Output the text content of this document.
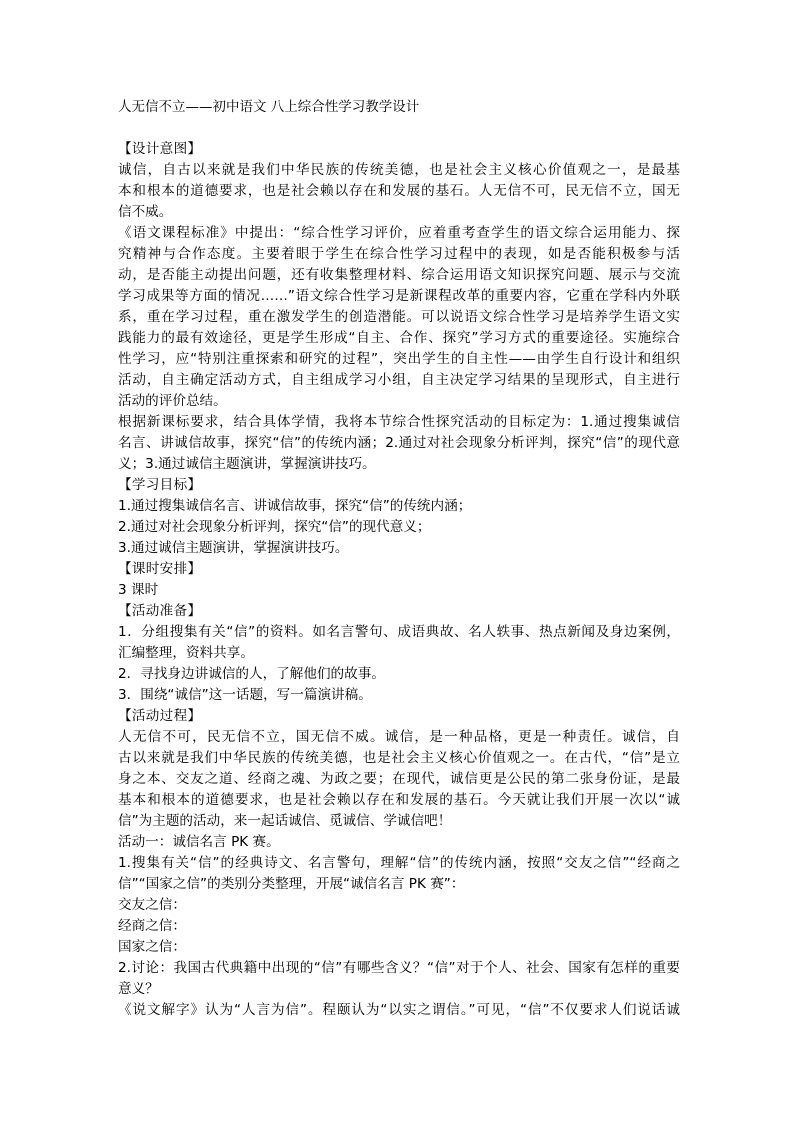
人无信不立——初中语文 八上综合性学习教学设计
【设计意图】
诚信，自古以来就是我们中华民族的传统美德，也是社会主义核心价值观之一，是最基
本和根本的道德要求，也是社会赖以存在和发展的基石。人无信不可，民无信不立，国无
信不威。
《语文课程标准》中提出：“综合性学习评价，应着重考查学生的语文综合运用能力、探
究精神与合作态度。主要着眼于学生在综合性学习过程中的表现，如是否能积极参与活
动，是否能主动提出问题，还有收集整理材料、综合运用语文知识探究问题、展示与交流
学习成果等方面的情况……”语文综合性学习是新课程改革的重要内容，它重在学科内外联
系，重在学习过程，重在激发学生的创造潜能。可以说语文综合性学习是培养学生语文实
践能力的最有效途径，更是学生形成“自主、合作、探究”学习方式的重要途径。实施综合
性学习，应“特别注重探索和研究的过程”，突出学生的自主性——由学生自行设计和组织
活动，自主确定活动方式，自主组成学习小组，自主决定学习结果的呈现形式，自主进行
活动的评价总结。
根据新课标要求，结合具体学情，我将本节综合性探究活动的目标定为：1.通过搜集诚信
名言、讲诚信故事，探究“信”的传统内涵；2.通过对社会现象分析评判，探究“信”的现代意
义；3.通过诚信主题演讲，掌握演讲技巧。
【学习目标】
1.通过搜集诚信名言、讲诚信故事，探究“信”的传统内涵；
2.通过对社会现象分析评判，探究“信”的现代意义；
3.通过诚信主题演讲，掌握演讲技巧。
【课时安排】
3 课时
【活动准备】
1．分组搜集有关“信”的资料。如名言警句、成语典故、名人轶事、热点新闻及身边案例，
汇编整理，资料共享。
2．寻找身边讲诚信的人，了解他们的故事。
3．围绕“诚信”这一话题，写一篇演讲稿。
【活动过程】
人无信不可，民无信不立，国无信不威。诚信，是一种品格，更是一种责任。诚信，自
古以来就是我们中华民族的传统美德，也是社会主义核心价值观之一。在古代，“信”是立
身之本、交友之道、经商之魂、为政之要；在现代，诚信更是公民的第二张身份证，是最
基本和根本的道德要求，也是社会赖以存在和发展的基石。今天就让我们开展一次以“诚
信”为主题的活动，来一起话诚信、觅诚信、学诚信吧！
活动一：诚信名言 PK 赛。
1.搜集有关“信”的经典诗文、名言警句，理解“信”的传统内涵，按照“交友之信”“经商之
信”“国家之信”的类别分类整理，开展“诚信名言 PK 赛”：
交友之信：
经商之信：
国家之信：
2.讨论：我国古代典籍中出现的“信”有哪些含义？“信”对于个人、社会、国家有怎样的重要
意义？
《说文解字》认为“人言为信”。程颐认为“以实之谓信。”可见，“信”不仅要求人们说话诚
